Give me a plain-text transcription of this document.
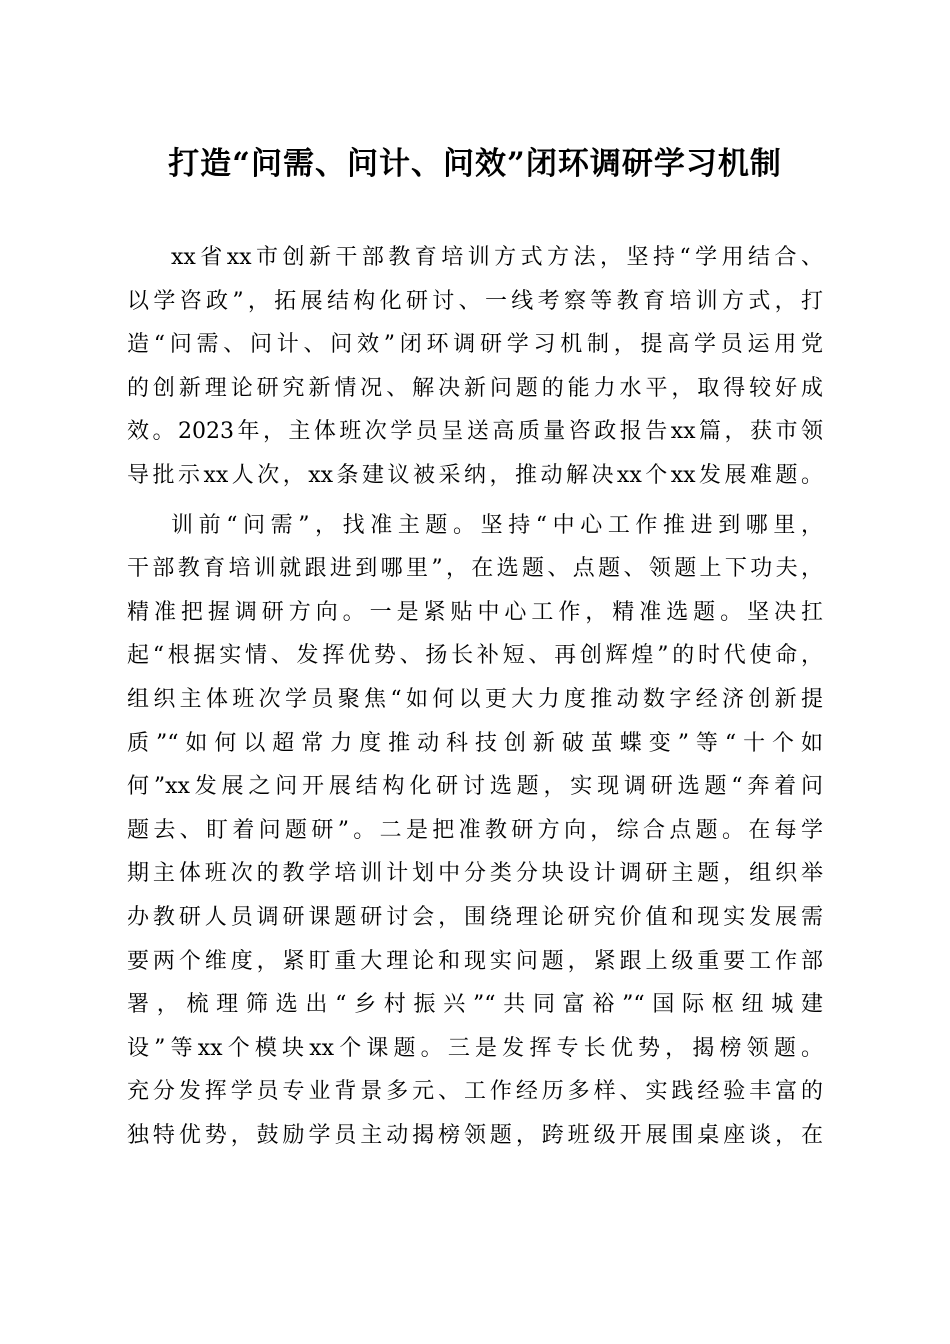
打造“问需、问计、问效”闭环调研学习机制
xx省xx市创新干部教育培训方式方法，坚持“学用结合、
以学咨政”，拓展结构化研讨、一线考察等教育培训方式，打
造“问需、问计、问效”闭环调研学习机制，提高学员运用党
的创新理论研究新情况、解决新问题的能力水平，取得较好成
效。2023年，主体班次学员呈送高质量咨政报告xx篇，获市领
导批示xx人次，xx条建议被采纳，推动解决xx个xx发展难题。
训前“问需”，找准主题。坚持“中心工作推进到哪里，
干部教育培训就跟进到哪里”，在选题、点题、领题上下功夫，
精准把握调研方向。一是紧贴中心工作，精准选题。坚决扛
起“根据实情、发挥优势、扬长补短、再创辉煌”的时代使命，
组织主体班次学员聚焦“如何以更大力度推动数字经济创新提
质”“如何以超常力度推动科技创新破茧蝶变”等“十个如
何”xx发展之问开展结构化研讨选题，实现调研选题“奔着问
题去、盯着问题研”。二是把准教研方向，综合点题。在每学
期主体班次的教学培训计划中分类分块设计调研主题，组织举
办教研人员调研课题研讨会，围绕理论研究价值和现实发展需
要两个维度，紧盯重大理论和现实问题，紧跟上级重要工作部
署，梳理筛选出“乡村振兴”“共同富裕”“国际枢纽城建
设”等xx个模块xx个课题。三是发挥专长优势，揭榜领题。
充分发挥学员专业背景多元、工作经历多样、实践经验丰富的
独特优势，鼓励学员主动揭榜领题，跨班级开展围桌座谈，在
